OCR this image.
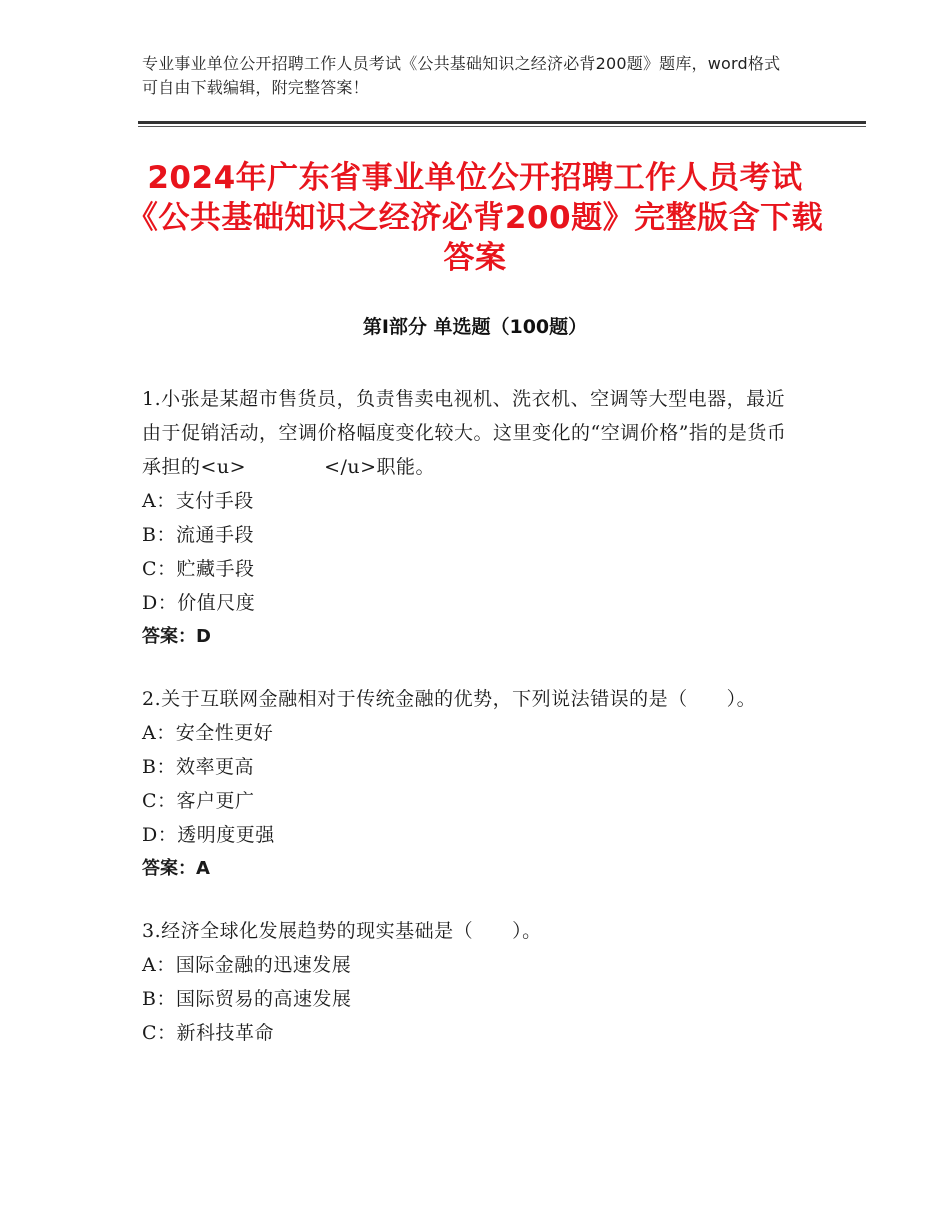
专业事业单位公开招聘工作人员考试《公共基础知识之经济必背200题》题库，word格式可自由下载编辑，附完整答案！
2024年广东省事业单位公开招聘工作人员考试《公共基础知识之经济必背200题》完整版含下载答案
第I部分 单选题（100题）

1.小张是某超市售货员，负责售卖电视机、洗衣机、空调等大型电器，最近由于促销活动，空调价格幅度变化较大。这里变化的“空调价格”指的是货币承担的<u>　　　　</u>职能。

A：支付手段

B：流通手段

C：贮藏手段

D：价值尺度

答案：D

2.关于互联网金融相对于传统金融的优势，下列说法错误的是（　　）。

A：安全性更好

B：效率更高

C：客户更广

D：透明度更强

答案：A

3.经济全球化发展趋势的现实基础是（　　）。

A：国际金融的迅速发展

B：国际贸易的高速发展

C：新科技革命
